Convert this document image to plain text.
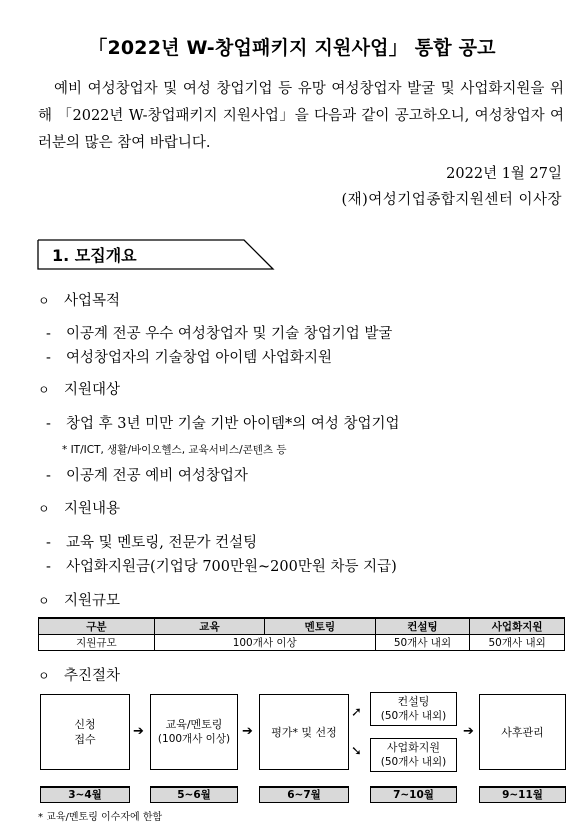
「2022년 W-창업패키지 지원사업」 통합 공고
예비 여성창업자 및 여성 창업기업 등 유망 여성창업자 발굴 및 사업화지원을 위해 「2022년 W-창업패키지 지원사업」을 다음과 같이 공고하오니, 여성창업자 여러분의 많은 참여 바랍니다.
2022년 1월 27일
(재)여성기업종합지원센터 이사장
1. 모집개요
ㅇ 사업목적
- 이공계 전공 우수 여성창업자 및 기술 창업기업 발굴
- 여성창업자의 기술창업 아이템 사업화지원
ㅇ 지원대상
- 창업 후 3년 미만 기술 기반 아이템*의 여성 창업기업
* IT/ICT, 생활/바이오헬스, 교육서비스/콘텐츠 등
- 이공계 전공 예비 여성창업자
ㅇ 지원내용
- 교육 및 멘토링, 전문가 컨설팅
- 사업화지원금(기업당 700만원~200만원 차등 지급)
ㅇ 지원규모
구분	교육	멘토링	컨설팅	사업화지원
지원규모	100개사 이상		50개사 내외	50개사 내외
ㅇ 추진절차
신청
접수
➔	교육/멘토링
(100개사 이상) ➔ 평가* 및 선정
➚
➘
컨설팅
(50개사 내외)
사업화지원
(50개사 내외)
➔ 사후관리
3~4월	5~6월	6~7월	7~10월	9~11월
* 교육/멘토링 이수자에 한함
